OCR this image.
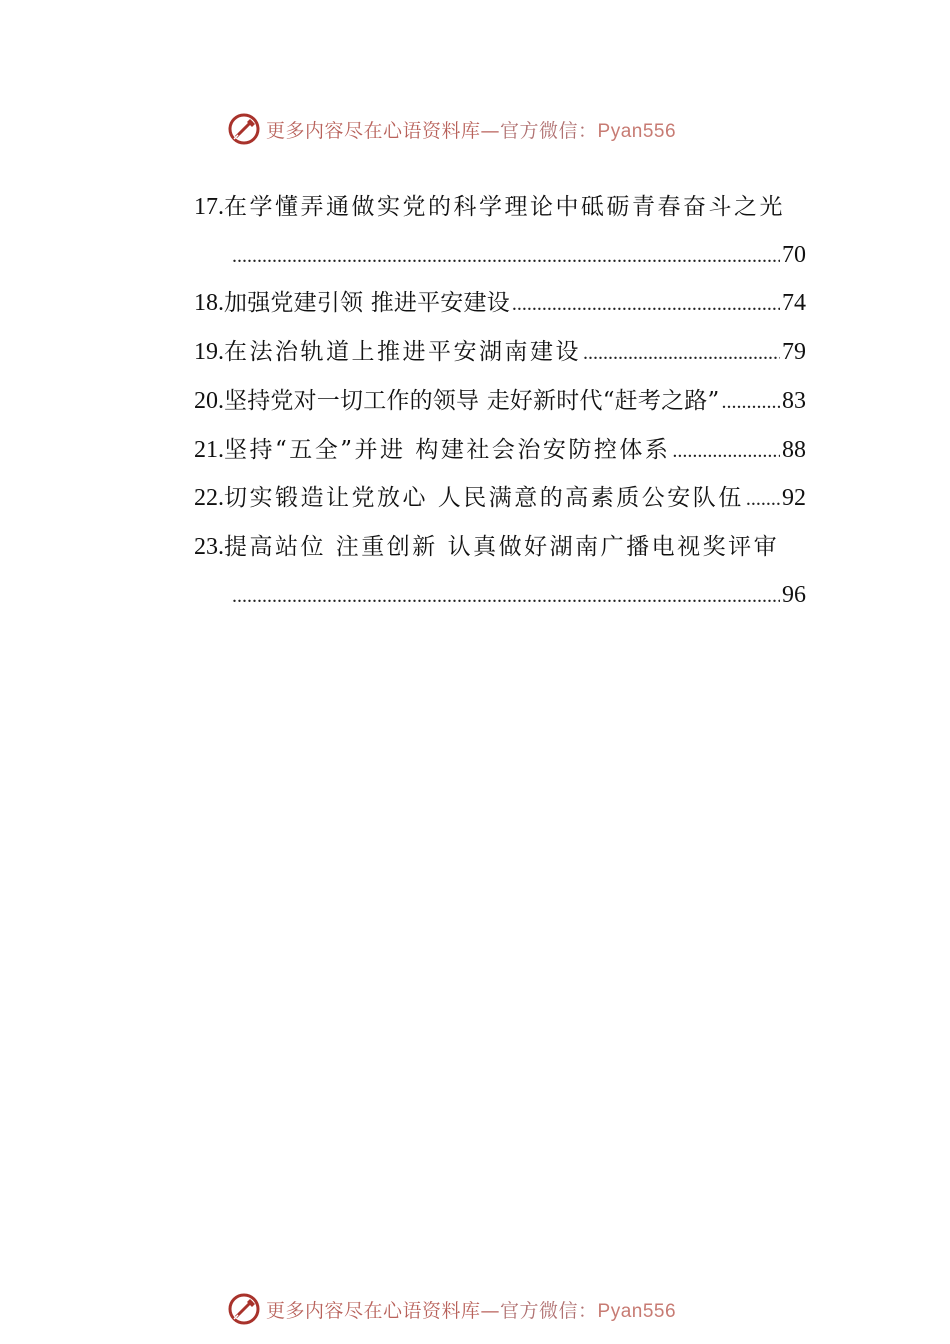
更多内容尽在心语资料库—官方微信：Pyan556
17. 在学懂弄通做实党的科学理论中砥砺青春奋斗之光
.....
70
18. 加强党建引领 推进平安建设 .....	74
19. 在法治轨道上推进平安湖南建设 .....	79
20. 坚持党对一切工作的领导 走好新时代“赶考之路” .....	83
21. 坚持“五全”并进 构建社会治安防控体系 .....	88
22. 切实锻造让党放心 人民满意的高素质公安队伍 ..... 92
23. 提高站位 注重创新 认真做好湖南广播电视奖评审
.....
96
更多内容尽在心语资料库—官方微信：Pyan556
